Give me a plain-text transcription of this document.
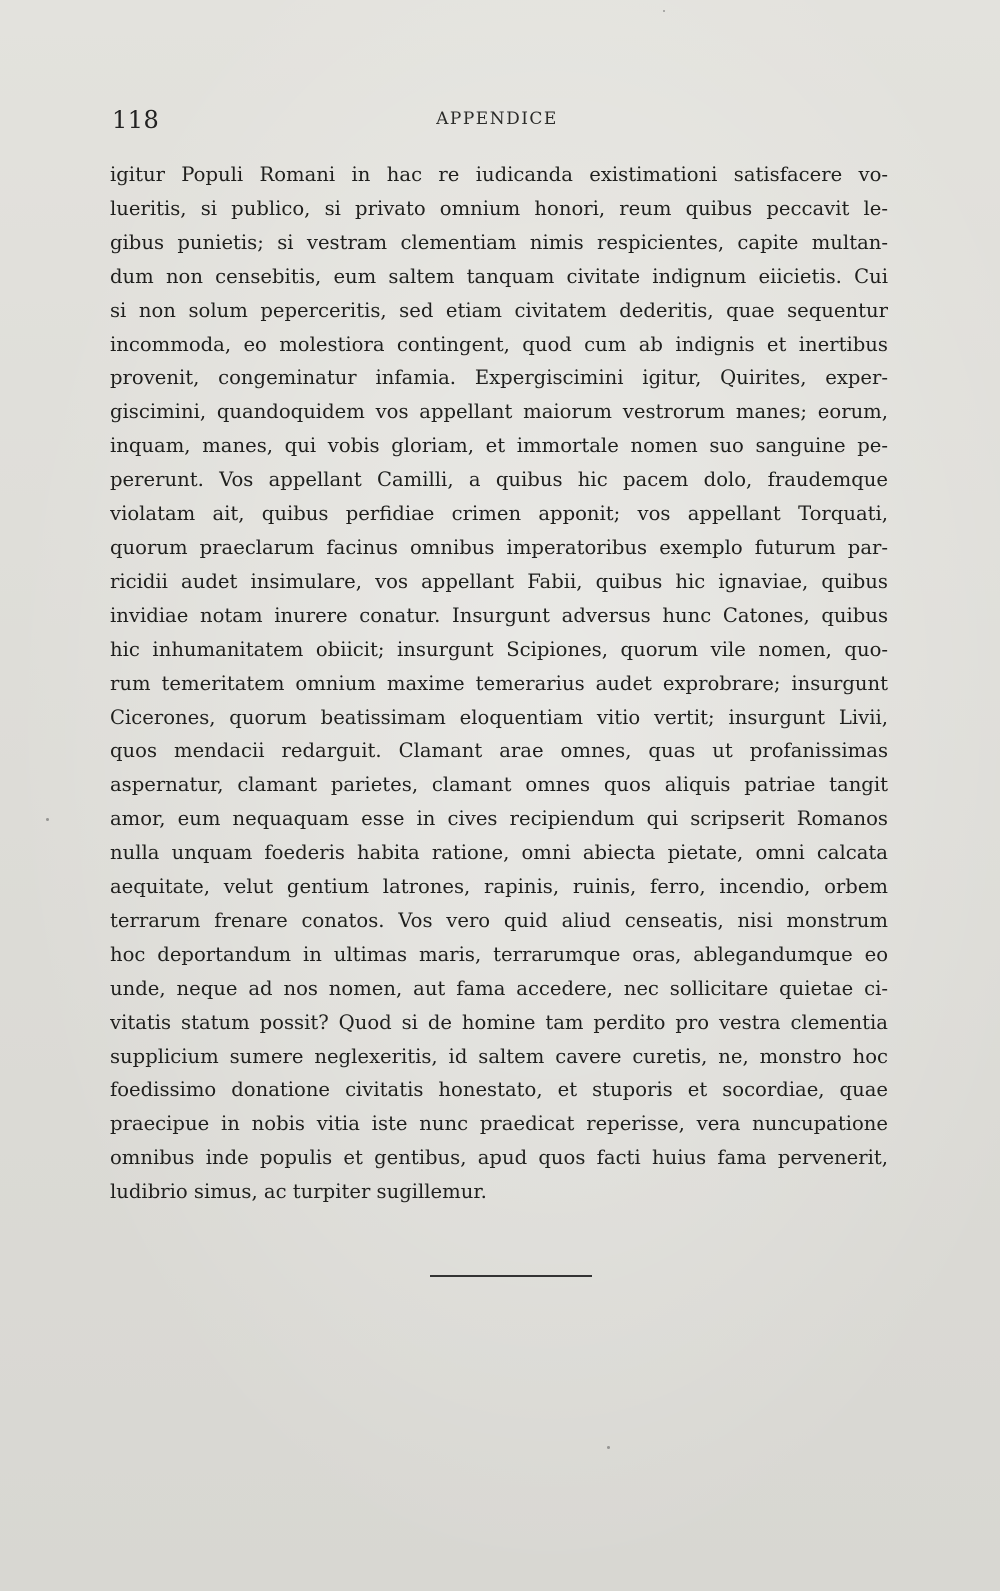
118	APPENDICE

igitur Populi Romani in hac re iudicanda existimationi satisfacere vo-
lueritis, si publico, si privato omnium honori, reum quibus peccavit le-
gibus punietis; si vestram clementiam nimis respicientes, capite multan-
dum non censebitis, eum saltem tanquam civitate indignum eiicietis. Cui
si non solum peperceritis, sed etiam civitatem dederitis, quae sequentur
incommoda, eo molestiora contingent, quod cum ab indignis et inertibus
provenit, congeminatur infamia. Expergiscimini igitur, Quirites, exper-
giscimini, quandoquidem vos appellant maiorum vestrorum manes; eorum,
inquam, manes, qui vobis gloriam, et immortale nomen suo sanguine pe-
pererunt. Vos appellant Camilli, a quibus hic pacem dolo, fraudemque
violatam ait, quibus perfidiae crimen apponit; vos appellant Torquati,
quorum praeclarum facinus omnibus imperatoribus exemplo futurum par-
ricidii audet insimulare, vos appellant Fabii, quibus hic ignaviae, quibus
invidiae notam inurere conatur. Insurgunt adversus hunc Catones, quibus
hic inhumanitatem obiicit; insurgunt Scipiones, quorum vile nomen, quo-
rum temeritatem omnium maxime temerarius audet exprobrare; insurgunt
Cicerones, quorum beatissimam eloquentiam vitio vertit; insurgunt Livii,
quos mendacii redarguit. Clamant arae omnes, quas ut profanissimas
aspernatur, clamant parietes, clamant omnes quos aliquis patriae tangit
amor, eum nequaquam esse in cives recipiendum qui scripserit Romanos
nulla unquam foederis habita ratione, omni abiecta pietate, omni calcata
aequitate, velut gentium latrones, rapinis, ruinis, ferro, incendio, orbem
terrarum frenare conatos. Vos vero quid aliud censeatis, nisi monstrum
hoc deportandum in ultimas maris, terrarumque oras, ablegandumque eo
unde, neque ad nos nomen, aut fama accedere, nec sollicitare quietae ci-
vitatis statum possit? Quod si de homine tam perdito pro vestra clementia
supplicium sumere neglexeritis, id saltem cavere curetis, ne, monstro hoc
foedissimo donatione civitatis honestato, et stuporis et socordiae, quae
praecipue in nobis vitia iste nunc praedicat reperisse, vera nuncupatione
omnibus inde populis et gentibus, apud quos facti huius fama pervenerit,
ludibrio simus, ac turpiter sugillemur.
